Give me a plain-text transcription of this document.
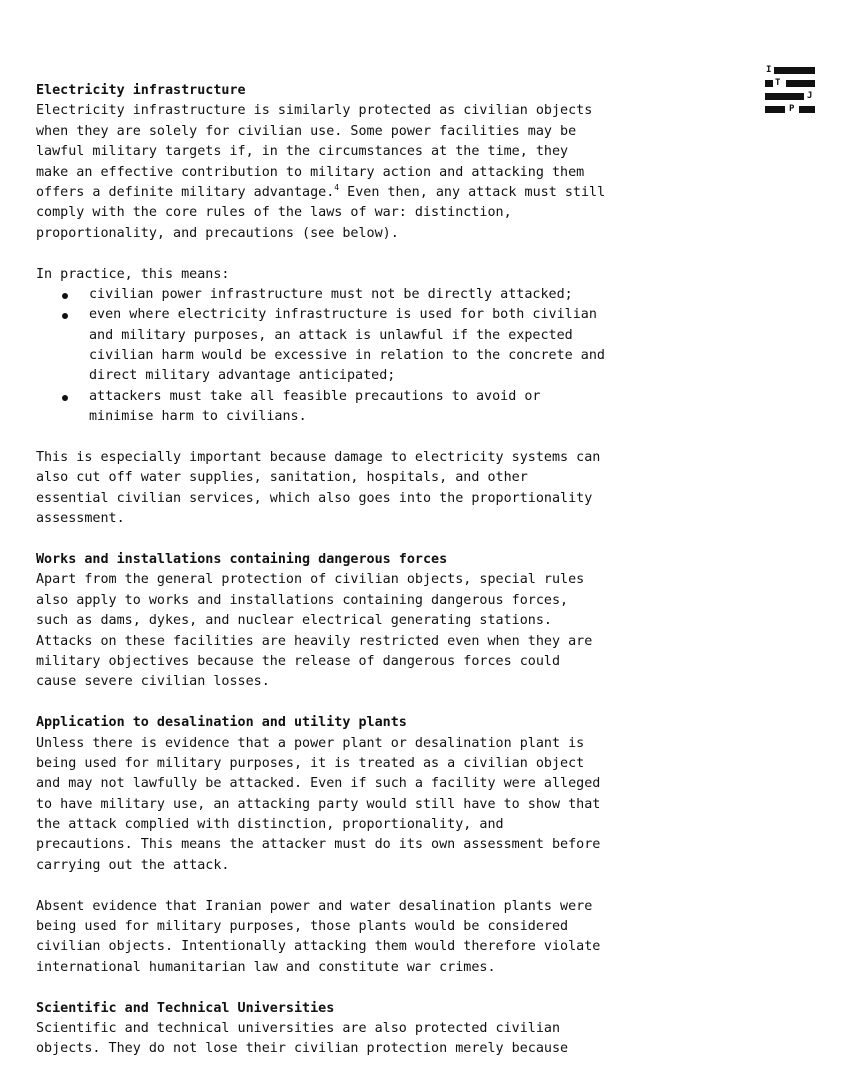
I
T
J
P
Electricity infrastructure
Electricity infrastructure is similarly protected as civilian objects
when they are solely for civilian use. Some power facilities may be
lawful military targets if, in the circumstances at the time, they
make an effective contribution to military action and attacking them
offers a definite military advantage.$^4$ Even then, any attack must still
comply with the core rules of the laws of war: distinction,
proportionality, and precautions (see below).
In practice, this means:
civilian power infrastructure must not be directly attacked;
even where electricity infrastructure is used for both civilian
and military purposes, an attack is unlawful if the expected
civilian harm would be excessive in relation to the concrete and
direct military advantage anticipated;
attackers must take all feasible precautions to avoid or
minimise harm to civilians.
This is especially important because damage to electricity systems can
also cut off water supplies, sanitation, hospitals, and other
essential civilian services, which also goes into the proportionality
assessment.
Works and installations containing dangerous forces
Apart from the general protection of civilian objects, special rules
also apply to works and installations containing dangerous forces,
such as dams, dykes, and nuclear electrical generating stations.
Attacks on these facilities are heavily restricted even when they are
military objectives because the release of dangerous forces could
cause severe civilian losses.
Application to desalination and utility plants
Unless there is evidence that a power plant or desalination plant is
being used for military purposes, it is treated as a civilian object
and may not lawfully be attacked. Even if such a facility were alleged
to have military use, an attacking party would still have to show that
the attack complied with distinction, proportionality, and
precautions. This means the attacker must do its own assessment before
carrying out the attack.
Absent evidence that Iranian power and water desalination plants were
being used for military purposes, those plants would be considered
civilian objects. Intentionally attacking them would therefore violate
international humanitarian law and constitute war crimes.
Scientific and Technical Universities
Scientific and technical universities are also protected civilian
objects. They do not lose their civilian protection merely because
